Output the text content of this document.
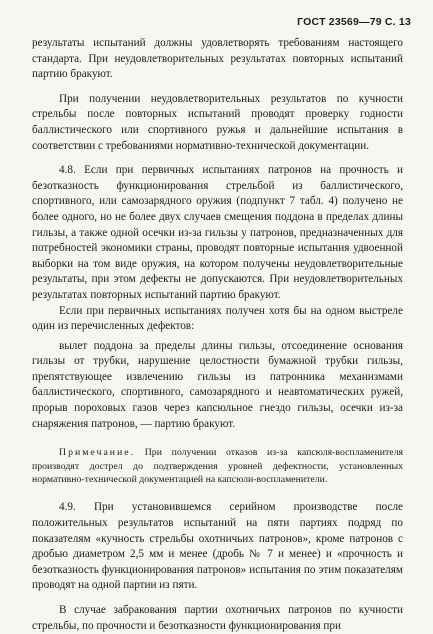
ГОСТ 23569—79 С. 13

результаты испытаний должны удовлетворять требованиям настоящего стандарта. При неудовлетворительных результатах повторных испытаний партию бракуют.

При получении неудовлетворительных результатов по кучности стрельбы после повторных испытаний проводят проверку годности баллистического или спортивного ружья и дальнейшие испытания в соответствии с требованиями нормативно-технической документации.

4.8. Если при первичных испытаниях патронов на прочность и безотказность функционирования стрельбой из баллистического, спортивного, или самозарядного оружия (подпункт 7 табл. 4) получено не более одного, но не более двух случаев смещения поддона в пределах длины гильзы, а также одной осечки из-за гильзы у патронов, предназначенных для потребностей экономики страны, проводят повторные испытания удвоенной выборки на том виде оружия, на котором получены неудовлетворительные результаты, при этом дефекты не допускаются. При неудовлетворительных результатах повторных испытаний партию бракуют.

Если при первичных испытаниях получен хотя бы на одном выстреле один из перечисленных дефектов:

вылет поддона за пределы длины гильзы, отсоединение основания гильзы от трубки, нарушение целостности бумажной трубки гильзы, препятствующее извлечению гильзы из патронника механизмами баллистического, спортивного, самозарядного и неавтоматических ружей, прорыв пороховых газов через капсюльное гнездо гильзы, осечки из-за снаряжения патронов, — партию бракуют.

Примечание. При получении отказов из-за капсюля-воспламенителя производят дострел до подтверждения уровней дефектности, установленных нормативно-технической документацией на капсюли-воспламенители.

4.9. При установившемся серийном производстве после положительных результатов испытаний на пяти партиях подряд по показателям «кучность стрельбы охотничьих патронов», кроме патронов с дробью диаметром 2,5 мм и менее (дробь № 7 и менее) и «прочность и безотказность функционирования патронов» испытания по этим показателям проводят на одной партии из пяти.

В случае забракования партии охотничьих патронов по кучности стрельбы, по прочности и безотказности функционирования при
